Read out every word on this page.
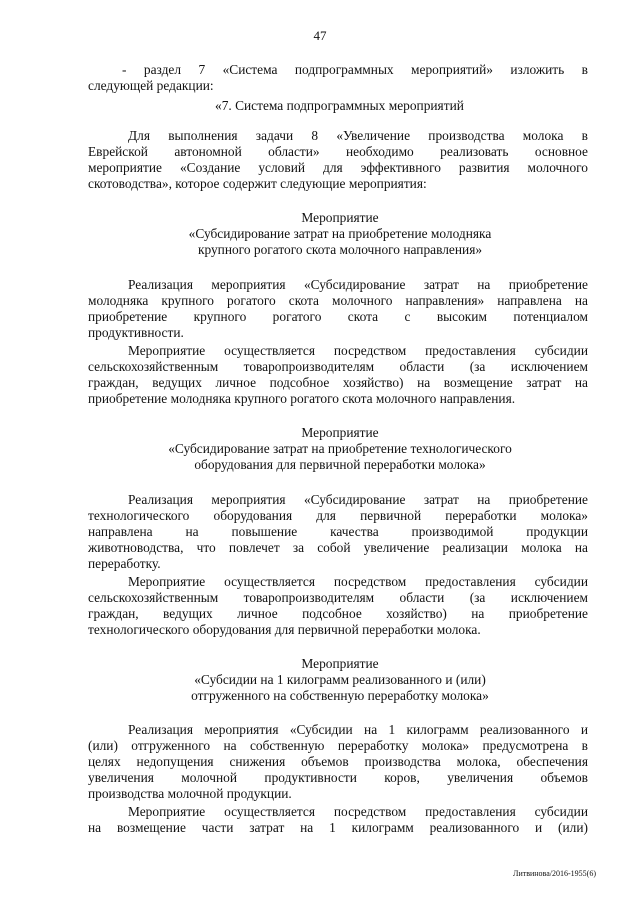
47
- раздел 7 «Система подпрограммных мероприятий» изложить в
следующей редакции:
«7. Система подпрограммных мероприятий
Для выполнения задачи 8 «Увеличение производства молока в
Еврейской автономной области» необходимо реализовать основное
мероприятие «Создание условий для эффективного развития молочного
скотоводства», которое содержит следующие мероприятия:
Мероприятие
«Субсидирование затрат на приобретение молодняка
крупного рогатого скота молочного направления»
Реализация мероприятия «Субсидирование затрат на приобретение
молодняка крупного рогатого скота молочного направления» направлена на
приобретение крупного рогатого скота с высоким потенциалом
продуктивности.
Мероприятие осуществляется посредством предоставления субсидии
сельскохозяйственным товаропроизводителям области (за исключением
граждан, ведущих личное подсобное хозяйство) на возмещение затрат на
приобретение молодняка крупного рогатого скота молочного направления.
Мероприятие
«Субсидирование затрат на приобретение технологического
оборудования для первичной переработки молока»
Реализация мероприятия «Субсидирование затрат на приобретение
технологического оборудования для первичной переработки молока»
направлена на повышение качества производимой продукции
животноводства, что повлечет за собой увеличение реализации молока на
переработку.
Мероприятие осуществляется посредством предоставления субсидии
сельскохозяйственным товаропроизводителям области (за исключением
граждан, ведущих личное подсобное хозяйство) на приобретение
технологического оборудования для первичной переработки молока.
Мероприятие
«Субсидии на 1 килограмм реализованного и (или)
отгруженного на собственную переработку молока»
Реализация мероприятия «Субсидии на 1 килограмм реализованного и
(или) отгруженного на собственную переработку молока» предусмотрена в
целях недопущения снижения объемов производства молока, обеспечения
увеличения молочной продуктивности коров, увеличения объемов
производства молочной продукции.
Мероприятие осуществляется посредством предоставления субсидии
на возмещение части затрат на 1 килограмм реализованного и (или)
Литвинова/2016-1955(6)
